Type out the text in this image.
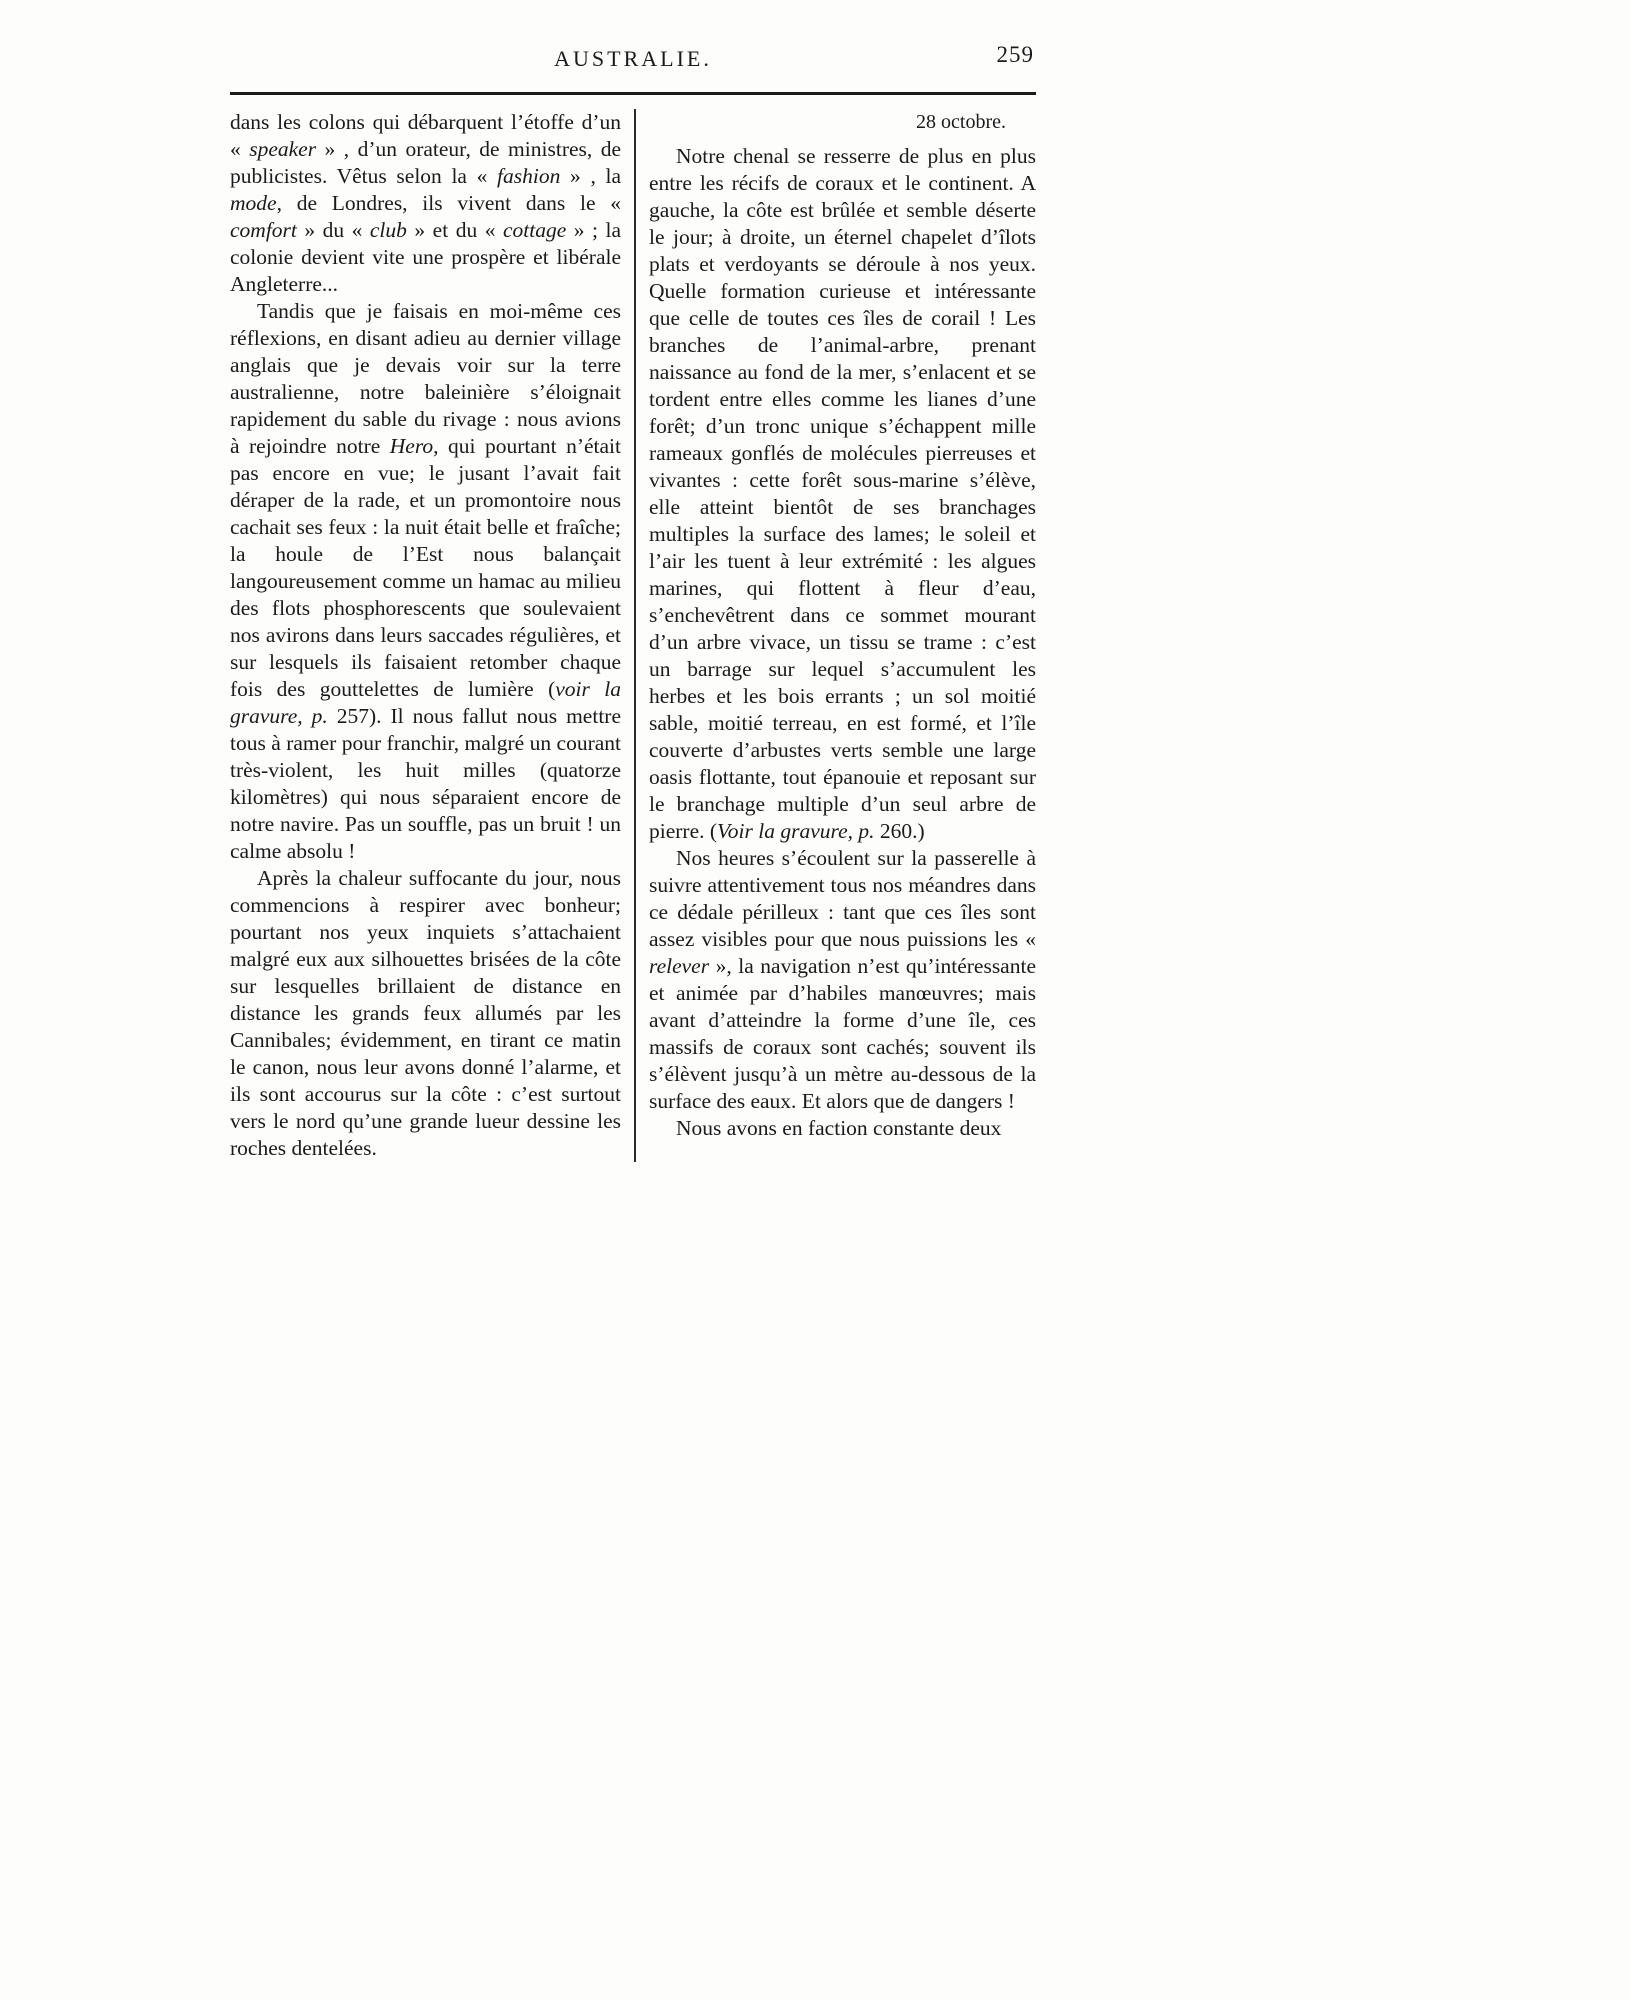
AUSTRALIE.	259

dans les colons qui débarquent l’étoffe d’un « speaker » , d’un orateur, de ministres, de publicistes. Vêtus selon la « fashion » , la mode, de Londres, ils vivent dans le « comfort » du « club » et du « cottage » ; la colonie devient vite une prospère et libérale Angleterre...

Tandis que je faisais en moi-même ces réflexions, en disant adieu au dernier village anglais que je devais voir sur la terre australienne, notre baleinière s’éloignait rapidement du sable du rivage : nous avions à rejoindre notre Hero, qui pourtant n’était pas encore en vue; le jusant l’avait fait déraper de la rade, et un promontoire nous cachait ses feux : la nuit était belle et fraîche; la houle de l’Est nous balançait langoureusement comme un hamac au milieu des flots phosphorescents que soulevaient nos avirons dans leurs saccades régulières, et sur lesquels ils faisaient retomber chaque fois des gouttelettes de lumière (voir la gravure, p. 257). Il nous fallut nous mettre tous à ramer pour franchir, malgré un courant très-violent, les huit milles (quatorze kilomètres) qui nous séparaient encore de notre navire. Pas un souffle, pas un bruit ! un calme absolu !

Après la chaleur suffocante du jour, nous commencions à respirer avec bonheur; pourtant nos yeux inquiets s’attachaient malgré eux aux silhouettes brisées de la côte sur lesquelles brillaient de distance en distance les grands feux allumés par les Cannibales; évidemment, en tirant ce matin le canon, nous leur avons donné l’alarme, et ils sont accourus sur la côte : c’est surtout vers le nord qu’une grande lueur dessine les roches dentelées.

28 octobre.

Notre chenal se resserre de plus en plus entre les récifs de coraux et le continent. A gauche, la côte est brûlée et semble déserte le jour; à droite, un éternel chapelet d’îlots plats et verdoyants se déroule à nos yeux. Quelle formation curieuse et intéressante que celle de toutes ces îles de corail ! Les branches de l’animal-arbre, prenant naissance au fond de la mer, s’enlacent et se tordent entre elles comme les lianes d’une forêt; d’un tronc unique s’échappent mille rameaux gonflés de molécules pierreuses et vivantes : cette forêt sous-marine s’élève, elle atteint bientôt de ses branchages multiples la surface des lames; le soleil et l’air les tuent à leur extrémité : les algues marines, qui flottent à fleur d’eau, s’enchevêtrent dans ce sommet mourant d’un arbre vivace, un tissu se trame : c’est un barrage sur lequel s’accumulent les herbes et les bois errants ; un sol moitié sable, moitié terreau, en est formé, et l’île couverte d’arbustes verts semble une large oasis flottante, tout épanouie et reposant sur le branchage multiple d’un seul arbre de pierre. (Voir la gravure, p. 260.)

Nos heures s’écoulent sur la passerelle à suivre attentivement tous nos méandres dans ce dédale périlleux : tant que ces îles sont assez visibles pour que nous puissions les « relever », la navigation n’est qu’intéressante et animée par d’habiles manœuvres; mais avant d’atteindre la forme d’une île, ces massifs de coraux sont cachés; souvent ils s’élèvent jusqu’à un mètre au-dessous de la surface des eaux. Et alors que de dangers !

Nous avons en faction constante deux
